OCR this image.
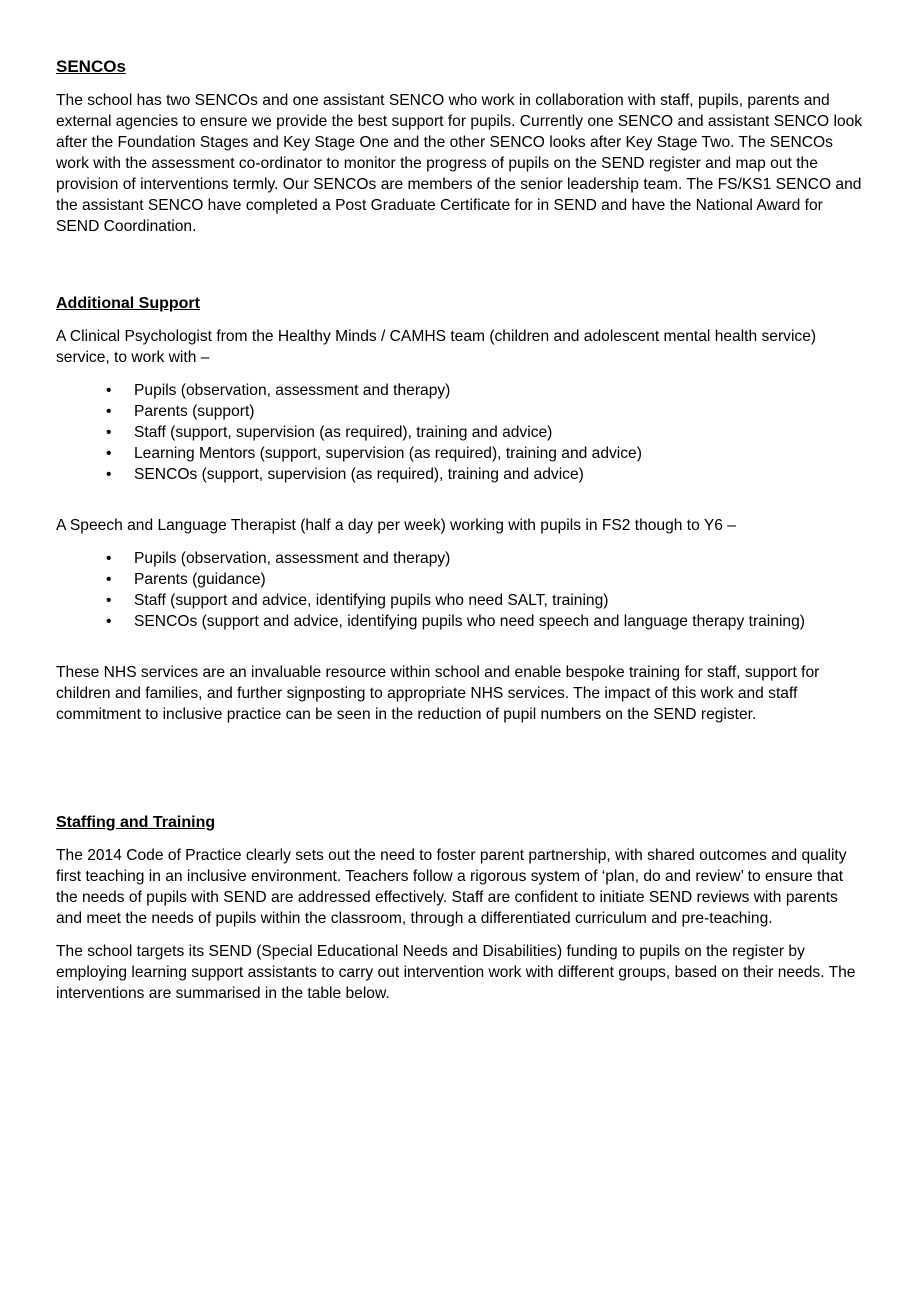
SENCOs

The school has two SENCOs and one assistant SENCO who work in collaboration with staff, pupils, parents and external agencies to ensure we provide the best support for pupils. Currently one SENCO and assistant SENCO look after the Foundation Stages and Key Stage One and the other SENCO looks after Key Stage Two. The SENCOs work with the assessment co-ordinator to monitor the progress of pupils on the SEND register and map out the provision of interventions termly. Our SENCOs are members of the senior leadership team. The FS/KS1 SENCO and the assistant SENCO have completed a Post Graduate Certificate for in SEND and have the National Award for SEND Coordination.

Additional Support

A Clinical Psychologist from the Healthy Minds / CAMHS team (children and adolescent mental health service) service, to work with –

• Pupils (observation, assessment and therapy)
• Parents (support)
• Staff (support, supervision (as required), training and advice)
• Learning Mentors (support, supervision (as required), training and advice)
• SENCOs (support, supervision (as required), training and advice)

A Speech and Language Therapist (half a day per week) working with pupils in FS2 though to Y6 –

• Pupils (observation, assessment and therapy)
• Parents (guidance)
• Staff (support and advice, identifying pupils who need SALT, training)
• SENCOs (support and advice, identifying pupils who need speech and language therapy training)

These NHS services are an invaluable resource within school and enable bespoke training for staff, support for children and families, and further signposting to appropriate NHS services. The impact of this work and staff commitment to inclusive practice can be seen in the reduction of pupil numbers on the SEND register.

Staffing and Training

The 2014 Code of Practice clearly sets out the need to foster parent partnership, with shared outcomes and quality first teaching in an inclusive environment. Teachers follow a rigorous system of ‘plan, do and review’ to ensure that the needs of pupils with SEND are addressed effectively. Staff are confident to initiate SEND reviews with parents and meet the needs of pupils within the classroom, through a differentiated curriculum and pre-teaching.

The school targets its SEND (Special Educational Needs and Disabilities) funding to pupils on the register by employing learning support assistants to carry out intervention work with different groups, based on their needs. The interventions are summarised in the table below.
